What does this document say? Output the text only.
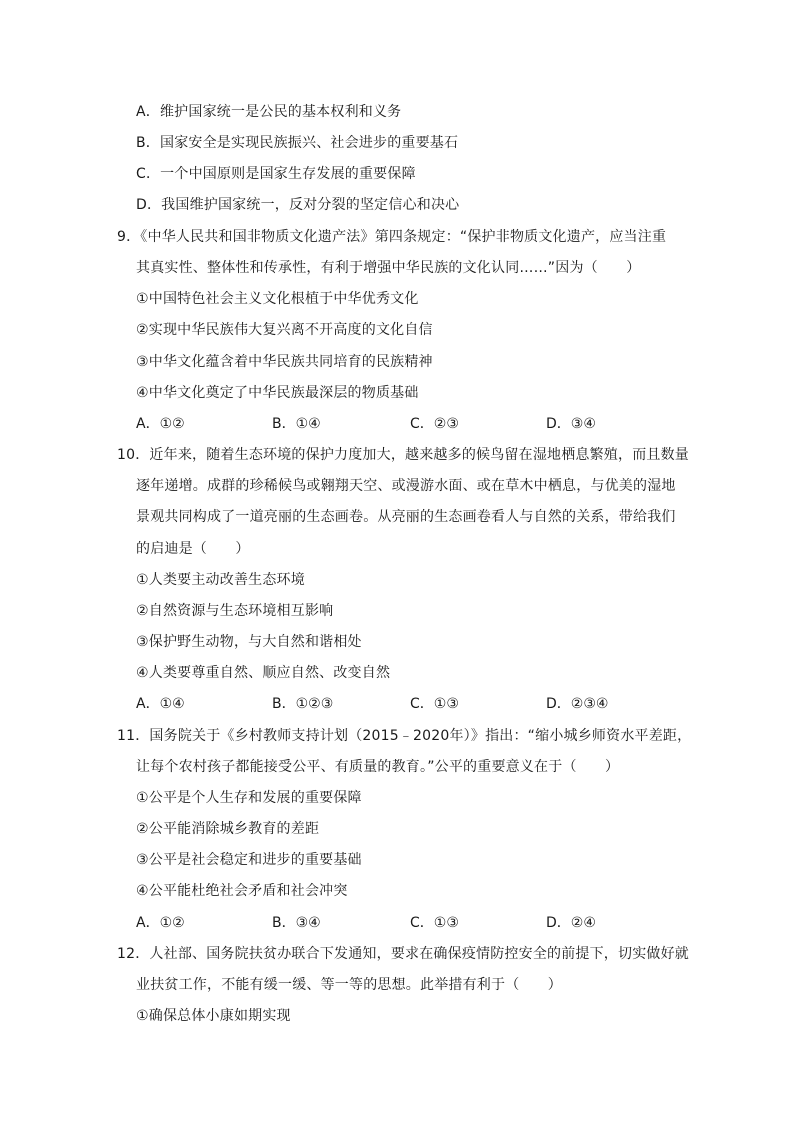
A．维护国家统一是公民的基本权利和义务
B．国家安全是实现民族振兴、社会进步的重要基石
C．一个中国原则是国家生存发展的重要保障
D．我国维护国家统一，反对分裂的坚定信心和决心
9．《中华人民共和国非物质文化遗产法》第四条规定：“保护非物质文化遗产，应当注重
其真实性、整体性和传承性，有利于增强中华民族的文化认同……”因为（　　）
①中国特色社会主义文化根植于中华优秀文化
②实现中华民族伟大复兴离不开高度的文化自信
③中华文化蕴含着中华民族共同培育的民族精神
④中华文化奠定了中华民族最深层的物质基础
A．①②	B．①④	C．②③	D．③④
10．近年来，随着生态环境的保护力度加大，越来越多的候鸟留在湿地栖息繁殖，而且数量
逐年递增。成群的珍稀候鸟或翱翔天空、或漫游水面、或在草木中栖息，与优美的湿地
景观共同构成了一道亮丽的生态画卷。从亮丽的生态画卷看人与自然的关系，带给我们
的启迪是（　　）
①人类要主动改善生态环境
②自然资源与生态环境相互影响
③保护野生动物，与大自然和谐相处
④人类要尊重自然、顺应自然、改变自然
A．①④	B．①②③	C．①③	D．②③④
11．国务院关于《乡村教师支持计划（2015﹣2020年）》指出：“缩小城乡师资水平差距，
让每个农村孩子都能接受公平、有质量的教育。”公平的重要意义在于（　　）
①公平是个人生存和发展的重要保障
②公平能消除城乡教育的差距
③公平是社会稳定和进步的重要基础
④公平能杜绝社会矛盾和社会冲突
A．①②	B．③④	C．①③	D．②④
12．人社部、国务院扶贫办联合下发通知，要求在确保疫情防控安全的前提下，切实做好就
业扶贫工作，不能有缓一缓、等一等的思想。此举措有利于（　　）
①确保总体小康如期实现
